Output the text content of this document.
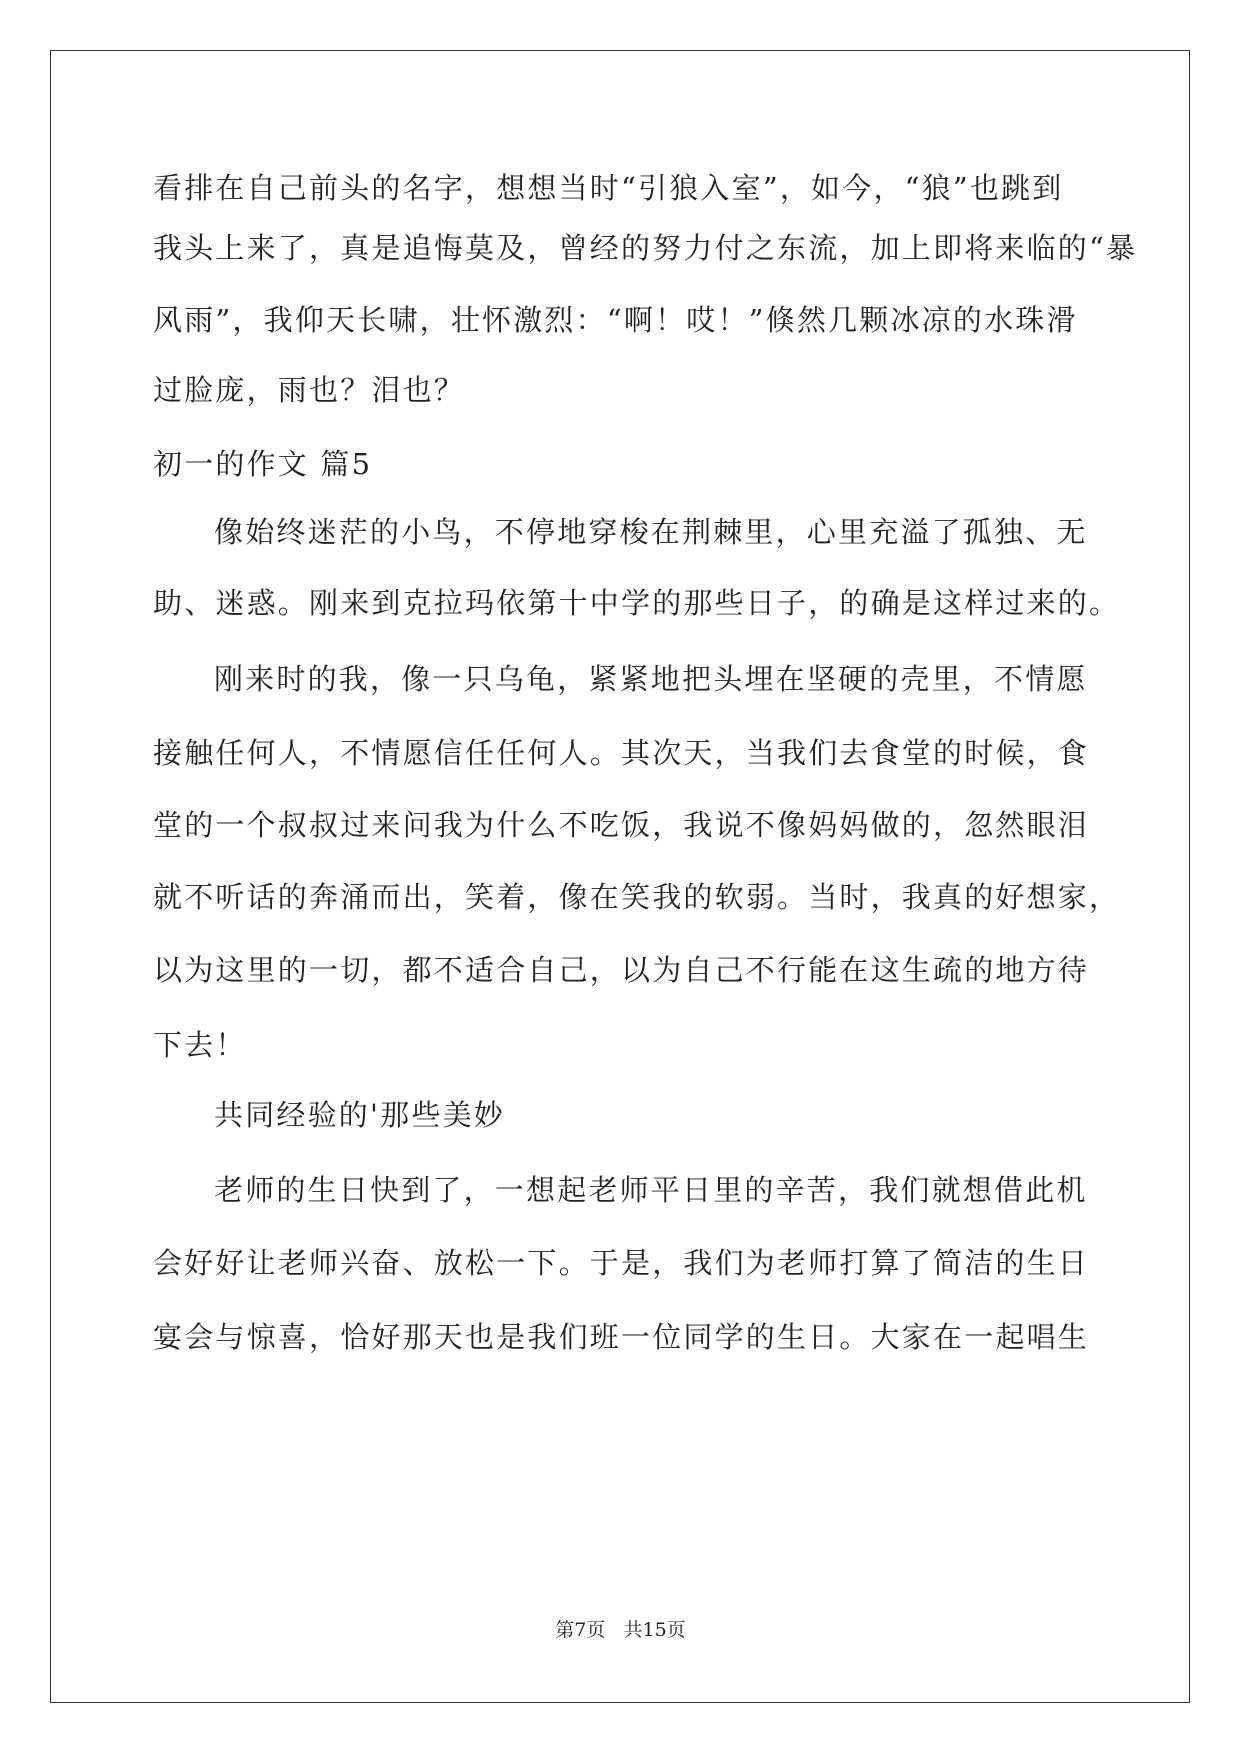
看排在自己前头的名字，想想当时“引狼入室”，如今，“狼”也跳到
我头上来了，真是追悔莫及，曾经的努力付之东流，加上即将来临的“暴
风雨”，我仰天长啸，壮怀激烈：“啊！哎！”倏然几颗冰凉的水珠滑
过脸庞，雨也？泪也？
初一的作文 篇5
像始终迷茫的小鸟，不停地穿梭在荆棘里，心里充溢了孤独、无
助、迷惑。刚来到克拉玛依第十中学的那些日子，的确是这样过来的。
刚来时的我，像一只乌龟，紧紧地把头埋在坚硬的壳里，不情愿
接触任何人，不情愿信任任何人。其次天，当我们去食堂的时候，食
堂的一个叔叔过来问我为什么不吃饭，我说不像妈妈做的，忽然眼泪
就不听话的奔涌而出，笑着，像在笑我的软弱。当时，我真的好想家，
以为这里的一切，都不适合自己，以为自己不行能在这生疏的地方待
下去！
共同经验的'那些美妙
老师的生日快到了，一想起老师平日里的辛苦，我们就想借此机
会好好让老师兴奋、放松一下。于是，我们为老师打算了简洁的生日
宴会与惊喜，恰好那天也是我们班一位同学的生日。大家在一起唱生
第7页   共15页
